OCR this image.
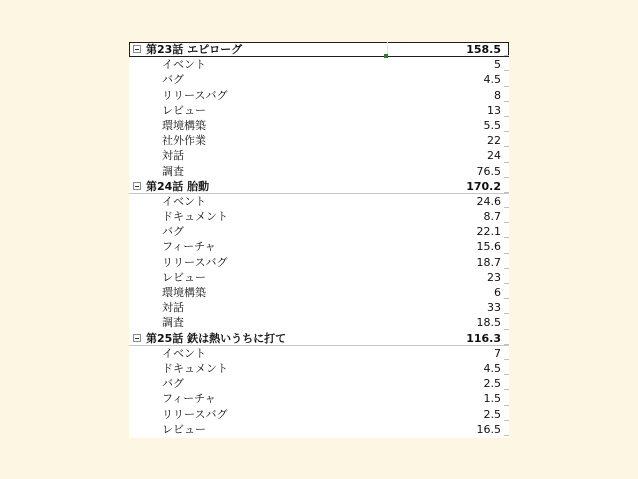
第23話 エピローグ	158.5
イベント	5
バグ	4.5
リリースバグ	8
レビュー	13
環境構築	5.5
社外作業	22
対話	24
調査	76.5
第24話 胎動	170.2
イベント	24.6
ドキュメント	8.7
バグ	22.1
フィーチャ	15.6
リリースバグ	18.7
レビュー	23
環境構築	6
対話	33
調査	18.5
第25話 鉄は熱いうちに打て	116.3
イベント	7
ドキュメント	4.5
バグ	2.5
フィーチャ	1.5
リリースバグ	2.5
レビュー	16.5
